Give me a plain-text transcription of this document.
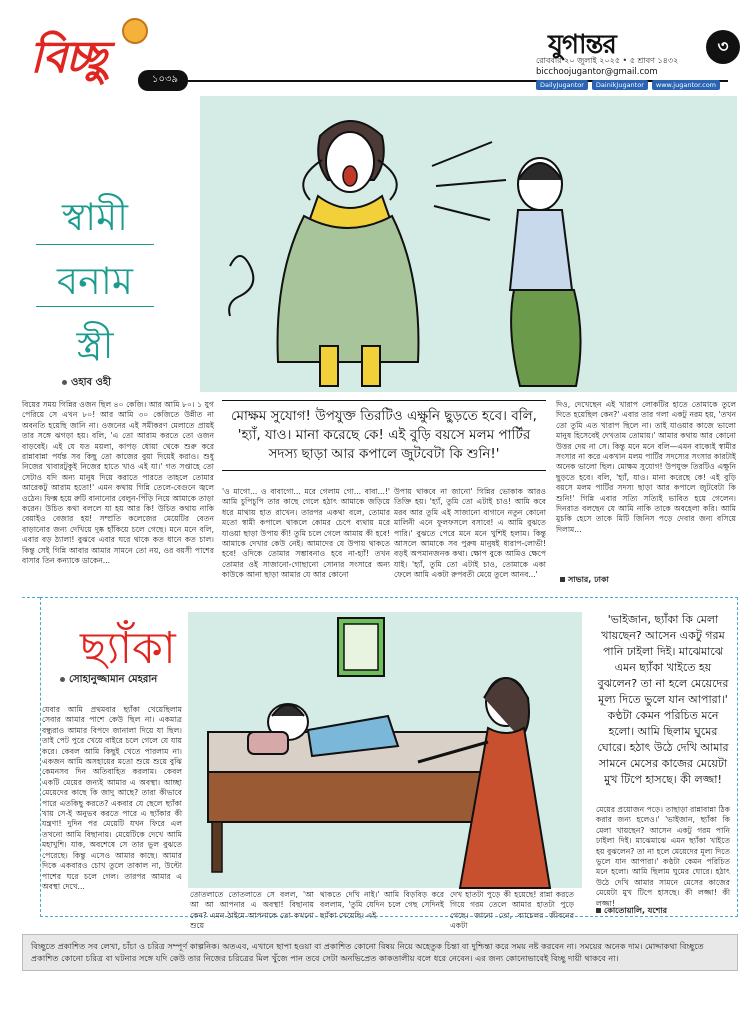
বিচ্ছু	১০৩৯
যুগান্তর	৩
রোববার ২০ জুলাই ২০২৫ • ৫ শ্রাবণ ১৪৩২
bicchoojugantor@gmail.com
DailyJugantor	DainikJugantor	www.jugantor.com
স্বামী
বনাম
স্ত্রী
ওহাব ওহী
বিয়ের সময় গিন্নির ওজন ছিল ৪০ কেজি। আর আমি ৮০। ১ যুগ পেরিয়ে সে এখন ৮০! আর আমি ৩০ কেজিতে উন্নীত না অবনতি হয়েছি জানি না। ওজনের এই সমীকরণ মেলাতে প্রায়ই তার সঙ্গে ঝগড়া হয়। বলি, 'এ তো আরাম করতে তো ওজন বাড়বেই। এই যে যত ময়লা, কাপড় ধোয়া থেকে শুরু করে রান্নাবান্না পর্যন্ত সব কিছু তো কাজের বুয়া দিয়েই করাও। শুধু নিজের খাবারটুকুই নিজের হাতে খাও এই যা।' গত সপ্তাহে তো সেটাও যদি অন্য মানুষ দিয়ে করাতে পারতে তাহলে তোমার আরেকটু আরাম হতো!' এমন কথায় গিন্নি তেলে-বেগুনে জ্বলে ওঠেন। ফিক্স হয়ে রুটি বানানোর বেলুন-পিঁড়ি নিয়ে আমাকে তাড়া করেন। উচিত কথা বললে যা হয় আর কি! উচিত কথায় নাকি বেয়াইও বেজার হয়! সম্প্রতি কলেজের মেয়েটির বেতন বাড়ানোর জন্য দেখিয়ে দুষ্ক হাঁকিয়ে চলে গেছে। মনে মনে বলি, এবার বড় ঠ্যালা! বুঝবে এবার ঘরে থাকে কত ধানে কত চাল। কিন্তু সেই গিন্নি আবার আমার সামনে তো নয়, ওর বয়সী পাশের বাসার তিন কন্যাকে ডাকেন...
মোক্ষম সুযোগ! উপযুক্ত তিরটিও এক্ষুনি ছুড়তে হবে। বলি, 'হ্যাঁ, যাও। মানা করেছে কে! এই বুড়ি বয়সে মলম পার্টির সদস্য ছাড়া আর কপালে জুটবেটা কি শুনি!'
'ও মাগো... ও বাবাগো... মরে গেলাম গো... বাবা...!' আমি চুপিচুপি তার কাছে গেলে হঠাৎ আমাকে জড়িয়ে ধরে মাথায় হাত রাখেন। তারপর একথা বলে, তোমার মতো স্বামী কপালে থাকলে কোমর চেপে ব্যথায় মরে যাওয়া ছাড়া উপায় কী! তুমি চলে গেলে আমায় কী হবে! আমাকে দেখার কেউ নেই। আমাদের যে উপায় থাকতে হবে! ওদিকে তোমার সম্ভাবনাও হবে না-হ্যাঁ! তখন তোমার ওই সাজানো-গোছানো সোনার সংসারে অন্য কাউকে আনা ছাড়া আমার যে আর কোনো
উপায় থাকবে না জানো' গিন্নির ভোকাক আরও তিক্তি হয়। 'হ্যাঁ, তুমি তো এটাই চাও! আমি কবে মরব আর তুমি এই সাজানো বাগানে নতুন কোনো মালিনী এনে ফুলফসলে বসাবে! এ আমি বুঝতে পারি।' বুঝতে পেরে মনে মনে খুশিই হলাম। কিন্তু আসলে আমাকে সব পুরুষ মানুষই ধারাপ-লোভী! বড়ই অপমানজনক কথা। ক্ষোপ বুকে আমিও ক্ষেপে যাই। 'হ্যাঁ, তুমি তো এটাই চাও, তোমাকে একা ফেলে আমি একটা রুপবতী মেয়ে তুলে আনব...'
দিও, দেখেছেন এই খারাপ লোকটির হাতে তোমাকে তুলে দিতে হয়েছিল কেন?' এবার তার গলা একটু নরম হয়, 'তখন তো তুমি এত খারাপ ছিলে না। তাই যাওয়ার কাজে ভালো মানুষ হিসেবেই দেখতাম তোমায়।' আমার কথায় আর কোনো উত্তর দেয় না সে। কিন্তু মনে মনে বলি—এমন বাক্যেই স্বামীর সংসার না করে একখান মলম পার্টির সদস্যের সংসার কারটাই অনেক ভালো ছিল। মোক্ষম সুযোগ! উপযুক্ত তিরটিও এক্ষুনি ছুড়তে হবে। বলি, 'হ্যাঁ, যাও। মানা করেছে কে! এই বুড়ি বয়সে মলম পার্টির সদস্য ছাড়া আর কপালে জুটবেটা কি শুনি!' গিন্নি এবার সত্যি সত্যিই ভাবিত হয়ে গেলেন। দিনরাত বলছেন যে আমি নাকি তাকে অবহেলা করি। আমি মুচকি হেসে তাকে মিটি জিনিস পড়ে দেবার জন্য বসিয়ে দিলাম...
সাভার, ঢাকা
ছ্যাঁকা
সোহানুজ্জামান মেহরান
'ভাইজান, ছ্যাঁকা কি মেলা খায়ছেন? আসেন একটু গরম পানি ঢাইলা দিই। মাঝেমাঝে এমন ছ্যাঁকা খাইতে হয় বুঝলেন? তা না হলে মেয়েদের মূল্য দিতে ভুলে যান আপারা।' কণ্ঠটা কেমন পরিচিত মনে হলো। আমি ছিলাম ঘুমের ঘোরে। হঠাৎ উঠে দেখি আমার সামনে মেসের কাজের মেয়েটা মুখ টিপে হাসছে। কী লজ্জা!
যেবার আমি প্রথমবার ছ্যাঁকা খেয়েছিলাম সেবার আমার পাশে কেউ ছিল না। একমাত্র বন্ধুরাও আমার বিপদে জানালা দিয়ে যা ছিল। তাই পেট পুরে খেয়ে বাইরে চলে গেলে যে যায় করে। কেবল আমি কিছুই খেতে পারলাম না। একজন আমি অসহায়ের মতো শুয়ে শুয়ে বুঝি কেমনসব দিন অতিবাহিত করলাম। কেবল একটি মেয়ের জন্যই আমার এ অবস্থা। আচ্ছা মেয়েদের কাছে কি জাদু আছে? তারা কীভাবে পারে এতকিছু করতে? একবার যে ছেলে ছ্যাঁকা খায় সে-ই অনুভব করতে পারে এ ছ্যাঁকার কী যন্ত্রণা! দুদিন পর মেয়েটি যখন ফিরে এল তখনো আমি বিছানায়। মেয়েটিকে দেখে আমি মহাখুশি। যাক, অবশেষে সে তার ভুল বুঝতে পেরেছে। কিন্তু এসেও আমার কাছে। আমার দিকে একবারও চোখ তুলে তাকাল না, উল্টো পাশের ঘরে চলে গেল। তারপর আমার এ অবস্থা দেখে...
তোতলাতে তোতলাতে সে বলল, 'আ আ আ আপনার এ অবস্থা! বিছানায় কেন? এমন ঠাইমে আপনাকে তো কখনো শুয়ে
থাকতে দেখি নাই।' আমি বিড়বিড় করে বললাম, 'তুমি যেদিন চলে গেছ সেদিনই ছ্যাঁকা খেয়েছি। এই
দেখ হাতটা পুড়ে কী হয়েছে! রান্না করতে গিয়ে গরম তেলে আমার হাতটা পুড়ে গেছে। জানো তো, ব্যাচেলর জীবনের একটা
মেয়ের প্রয়োজন পড়ে। তাছাড়া রান্নাবান্না ঠিক করার জন্য হলেও।' 'ভাইজান, ছ্যাঁকা কি মেলা খায়ছেন? আসেন একটু গরম পানি ঢাইলা দিই। মাঝেমাঝে এমন ছ্যাঁকা খাইতে হয় বুঝলেন? তা না হলে মেয়েদের মূল্য দিতে ভুলে যান আপারা।' কণ্ঠটা কেমন পরিচিত মনে হলো। আমি ছিলাম ঘুমের ঘোরে। হঠাৎ উঠে দেখি আমার সামনে মেসের কাজের মেয়েটা মুখ টিপে হাসছে। কী লজ্জা! কী লজ্জা!
কোতোয়ালি, যশোর
বিচ্ছুতে প্রকাশিত সব লেখা, চাঁচা ও চরিত্র সম্পূর্ণ কাল্পনিক। অতএব, এখানে ছাপা হওয়া বা প্রকাশিত কোনো বিষয় নিয়ে অহেতুক চিন্তা বা দুশ্চিন্তা করে সময় নষ্ট করবেন না। সময়ের অনেক দাম। মোদ্দাকথা বিচ্ছুতে প্রকাশিত কোনো চরিত্র বা ঘটনার সঙ্গে যদি কেউ তার নিজের চরিত্রের মিল খুঁজে পান তবে সেটা অনভিপ্রেত কাকতালীয় বলে ধরে নেবেন। এর জন্য কোনোভাবেই বিচ্ছু দায়ী থাকবে না।
